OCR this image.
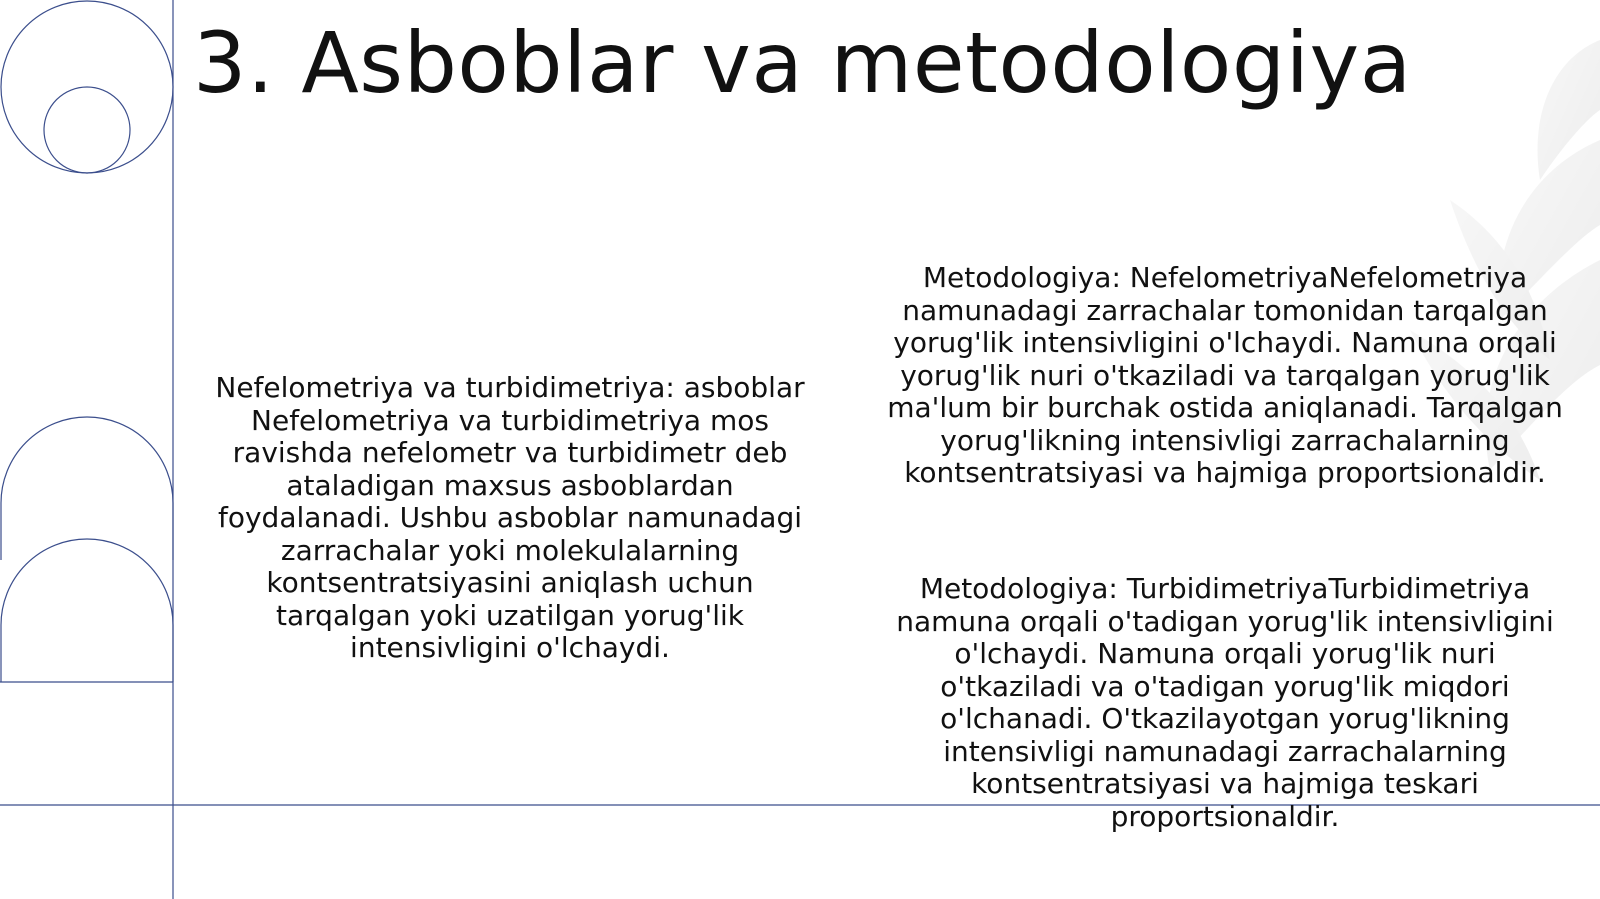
3. Asboblar va metodologiya
Nefelometriya va turbidimetriya: asboblar Nefelometriya va turbidimetriya mos ravishda nefelometr va turbidimetr deb ataladigan maxsus asboblardan foydalanadi. Ushbu asboblar namunadagi zarrachalar yoki molekulalarning kontsentratsiyasini aniqlash uchun tarqalgan yoki uzatilgan yorug'lik intensivligini o'lchaydi.
Metodologiya: NefelometriyaNefelometriya namunadagi zarrachalar tomonidan tarqalgan yorug'lik intensivligini o'lchaydi. Namuna orqali yorug'lik nuri o'tkaziladi va tarqalgan yorug'lik ma'lum bir burchak ostida aniqlanadi. Tarqalgan yorug'likning intensivligi zarrachalarning kontsentratsiyasi va hajmiga proportsionaldir.
Metodologiya: TurbidimetriyaTurbidimetriya namuna orqali o'tadigan yorug'lik intensivligini o'lchaydi. Namuna orqali yorug'lik nuri o'tkaziladi va o'tadigan yorug'lik miqdori o'lchanadi. O'tkazilayotgan yorug'likning intensivligi namunadagi zarrachalarning kontsentratsiyasi va hajmiga teskari proportsionaldir.
